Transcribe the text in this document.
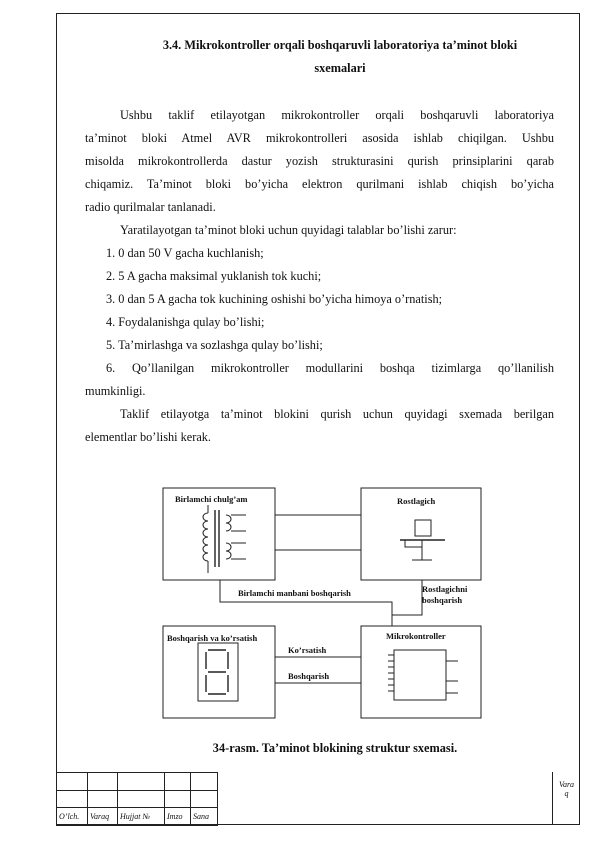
3.4. Mikrokontroller orqali boshqaruvli laboratoriya ta’minot bloki
sxemalari
Ushbu taklif etilayotgan mikrokontroller orqali boshqaruvli laboratoriya
ta’minot bloki Atmel AVR mikrokontrolleri asosida ishlab chiqilgan. Ushbu
misolda mikrokontrollerda dastur yozish strukturasini qurish prinsiplarini qarab
chiqamiz. Ta’minot bloki bo’yicha elektron qurilmani ishlab chiqish bo’yicha
radio qurilmalar tanlanadi.
Yaratilayotgan ta’minot bloki uchun quyidagi talablar bo’lishi zarur:
1. 0 dan 50 V gacha kuchlanish;
2. 5 A gacha maksimal yuklanish tok kuchi;
3. 0 dan 5 A gacha tok kuchining oshishi bo’yicha himoya o’rnatish;
4. Foydalanishga qulay bo’lishi;
5. Ta’mirlashga va sozlashga qulay bo’lishi;
6. Qo’llanilgan mikrokontroller modullarini boshqa tizimlarga qo’llanilish
mumkinligi.
Taklif etilayotga ta’minot blokini qurish uchun quyidagi sxemada berilgan
elementlar bo’lishi kerak.
Birlamchi chulg’am	Rostlagich
Birlamchi manbani boshqarish	Rostlagichni
boshqarish
Boshqarish va ko’rsatish	Mikrokontroller
Ko’rsatish
Boshqarish
34-rasm. Ta’minot blokining struktur sxemasi.

O’lch.	Varaq	Hujjat №	Imzo	Sana
Vara
q
